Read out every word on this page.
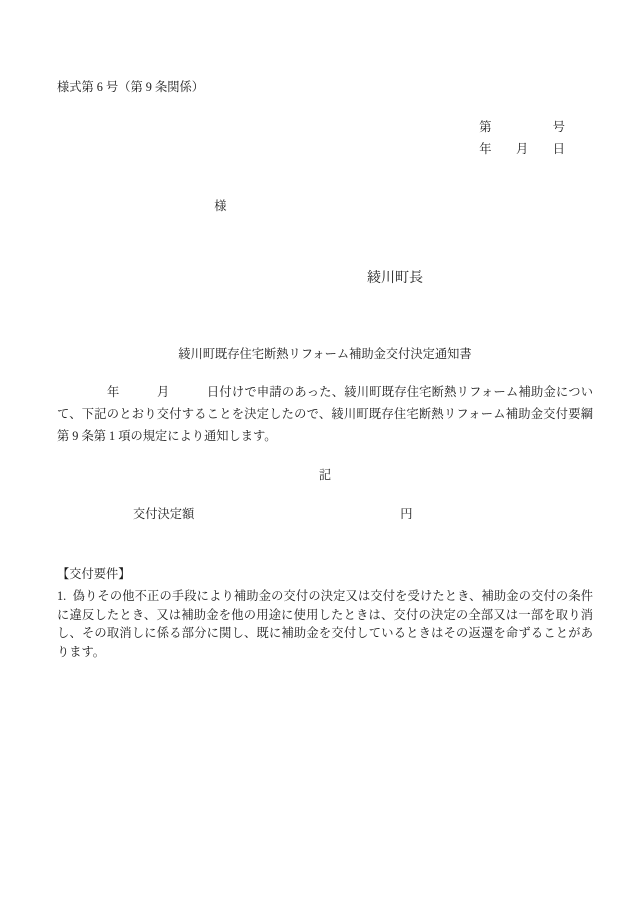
様式第 6 号（第 9 条関係）
第　　　　　号
年　　月　　日

様

綾川町長

綾川町既存住宅断熱リフォーム補助金交付決定通知書

　　　　年　　　月　　　日付けで申請のあった、綾川町既存住宅断熱リフォーム補助金について、下記のとおり交付することを決定したので、綾川町既存住宅断熱リフォーム補助金交付要綱第 9 条第 1 項の規定により通知します。

記
交付決定額	円
【交付要件】

1.  偽りその他不正の手段により補助金の交付の決定又は交付を受けたとき、補助金の交付の条件に違反したとき、又は補助金を他の用途に使用したときは、交付の決定の全部又は一部を取り消し、その取消しに係る部分に関し、既に補助金を交付しているときはその返還を命ずることがあります。
